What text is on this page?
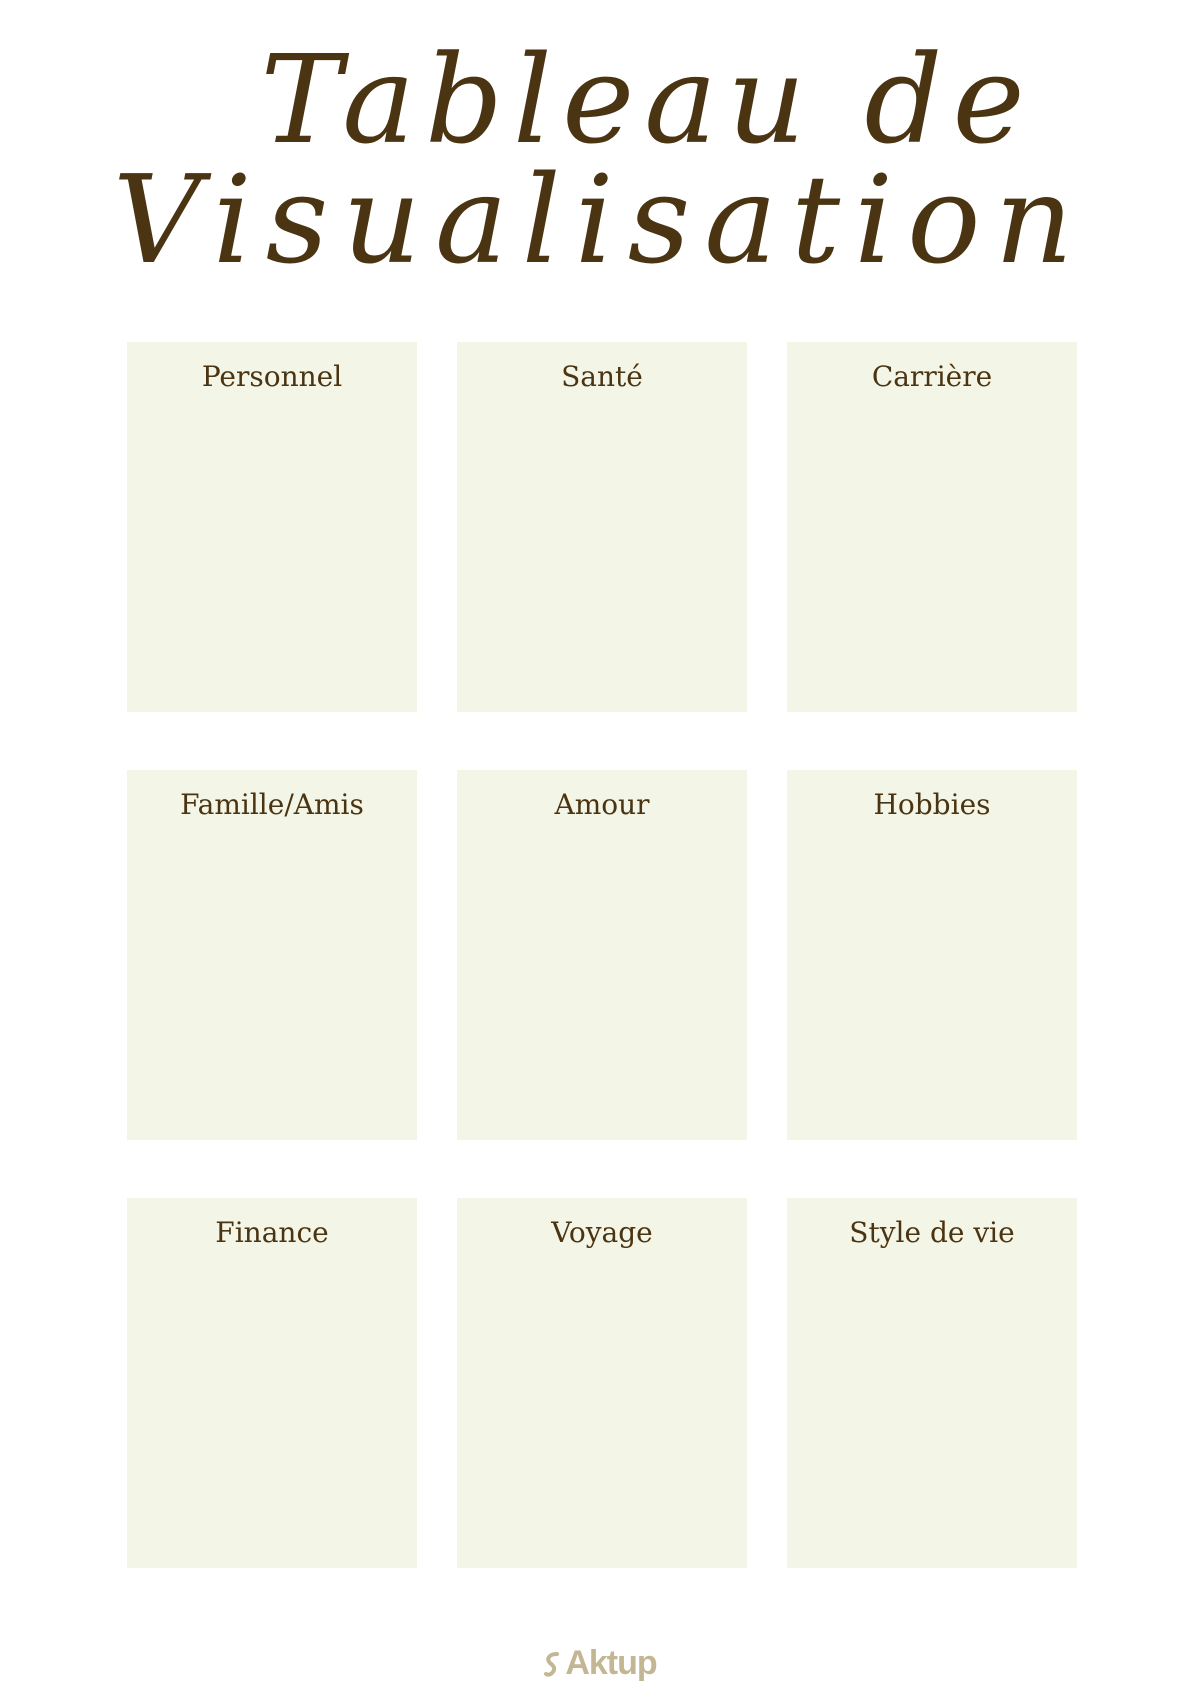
Tableau de
Visualisation
Personnel	Santé	Carrière
Famille/Amis	Amour	Hobbies
Finance	Voyage	Style de vie
Aktup
